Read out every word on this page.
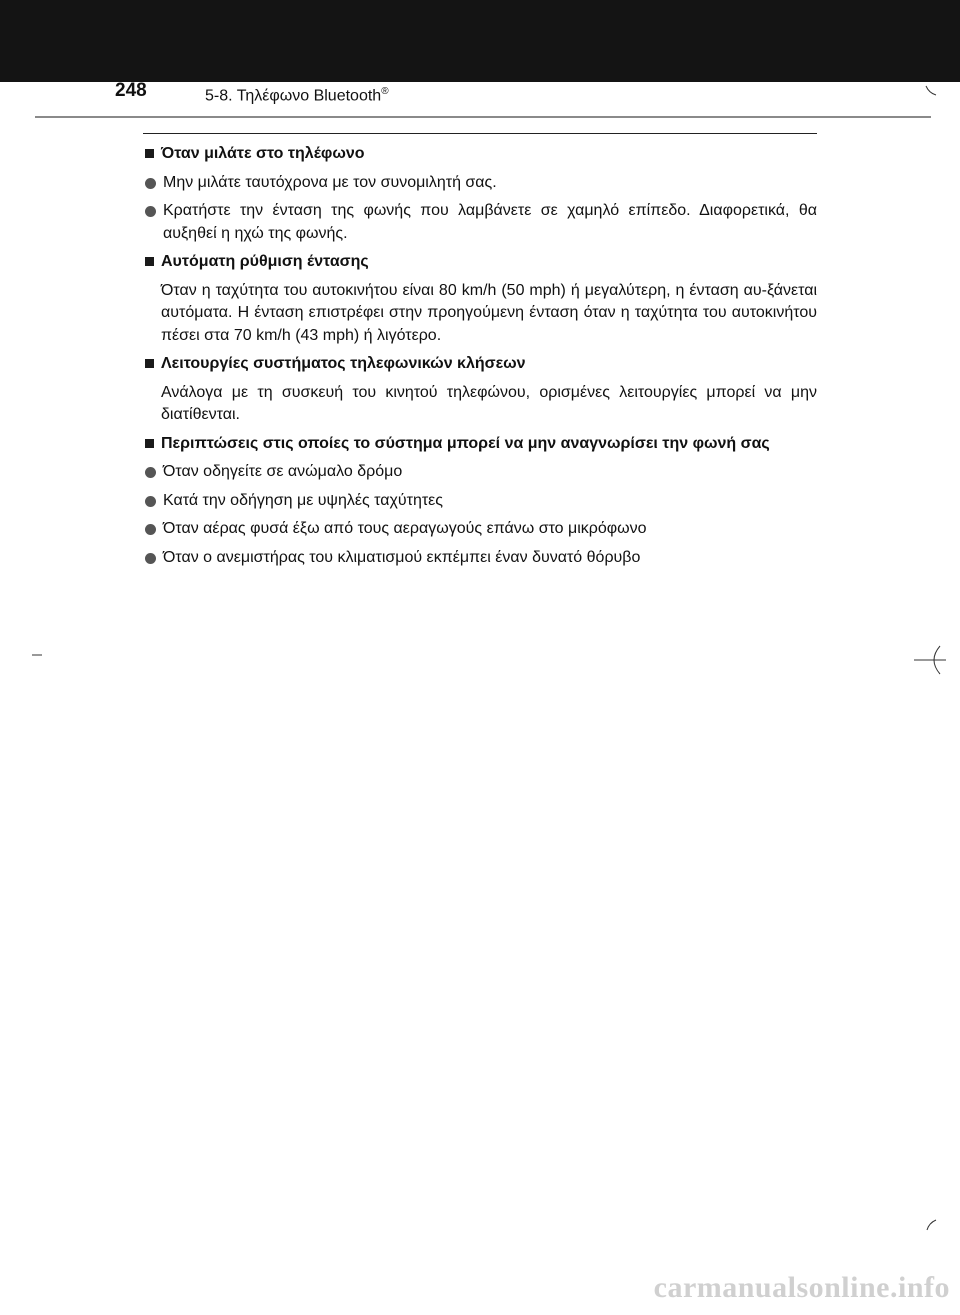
248	5-8. Τηλέφωνο Bluetooth®
Όταν μιλάτε στο τηλέφωνο
Μην μιλάτε ταυτόχρονα με τον συνομιλητή σας.
Κρατήστε την ένταση της φωνής που λαμβάνετε σε χαμηλό επίπεδο. Διαφορετικά, θα αυξηθεί η ηχώ της φωνής.
Αυτόματη ρύθμιση έντασης
Όταν η ταχύτητα του αυτοκινήτου είναι 80 km/h (50 mph) ή μεγαλύτερη, η ένταση αυ-ξάνεται αυτόματα. Η ένταση επιστρέφει στην προηγούμενη ένταση όταν η ταχύτητα του αυτοκινήτου πέσει στα 70 km/h (43 mph) ή λιγότερο.
Λειτουργίες συστήματος τηλεφωνικών κλήσεων
Ανάλογα με τη συσκευή του κινητού τηλεφώνου, ορισμένες λειτουργίες μπορεί να μην διατίθενται.
Περιπτώσεις στις οποίες το σύστημα μπορεί να μην αναγνωρίσει την φωνή σας
Όταν οδηγείτε σε ανώμαλο δρόμο
Κατά την οδήγηση με υψηλές ταχύτητες
Όταν αέρας φυσά έξω από τους αεραγωγούς επάνω στο μικρόφωνο
Όταν ο ανεμιστήρας του κλιματισμού εκπέμπει έναν δυνατό θόρυβο
carmanualsonline.info
